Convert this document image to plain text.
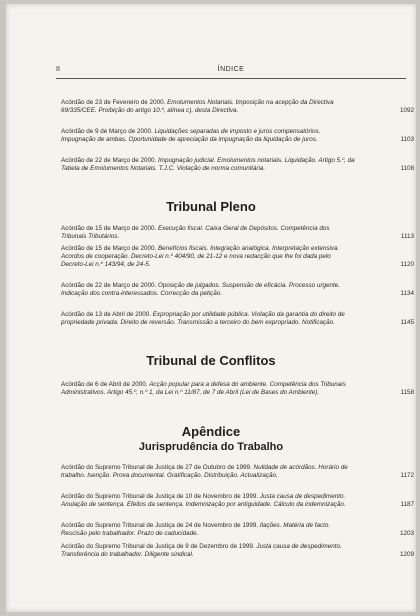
II	ÍNDICE
Acórdão de 23 de Fevereiro de 2000. Emolumentos Notariais. Imposição na acepção da Directiva 69/335/CEE. Proibição do artigo 10.º, alínea c), desta Directiva.	1092
Acórdão de 9 de Março de 2000. Liquidações separadas de imposto e juros compensatórios. Impugnação de ambas. Oportunidade de apreciação da impugnação da liquidação de juros.	1103
Acórdão de 22 de Março de 2000. Impugnação judicial. Emolumentos notariais. Liquidação. Artigo 5.º, da Tabela de Emolumentos Notariais. T.J.C. Violação de norma comunitária.	1108
Tribunal Pleno
Acórdão de 15 de Março de 2000. Execução fiscal. Caixa Geral de Depósitos. Competência dos Tribunais Tributários.	1113
Acórdão de 15 de Março de 2000. Benefícios fiscais. Integração analógica. Interpretação extensiva. Acordos de cooperação. Decreto-Lei n.º 404/90, de 21-12 e nova redacção que lhe foi dada pelo Decreto-Lei n.º 143/94, de 24-5.	1120
Acórdão de 22 de Março de 2000. Oposição de julgados. Suspensão de eficácia. Processo urgente. Indicação dos contra-interessados. Correcção da petição.	1134
Acórdão de 13 de Abril de 2000. Expropriação por utilidade pública. Violação da garantia do direito de propriedade privada. Direito de reversão. Transmissão a terceiro do bem expropriado. Notificação.	1145
Tribunal de Conflitos
Acórdão de 6 de Abril de 2000. Acção popular para a defesa do ambiente. Competência dos Tribunais Administrativos. Artigo 45.º, n.º 1, da Lei n.º 11/87, de 7 de Abril (Lei de Bases do Ambiente).	1158
Apêndice
Jurisprudência do Trabalho
Acórdão do Supremo Tribunal de Justiça de 27 de Outubro de 1999. Nulidade de acórdãos. Horário de trabalho. Isenção. Prova documental. Gratificação. Distribuição. Actualização.	1172
Acórdão do Supremo Tribunal de Justiça de 10 de Novembro de 1999. Justa causa de despedimento. Anulação de sentença. Efeitos da sentença. Indemnização por antiguidade. Cálculo da indemnização.	1187
Acórdão do Supremo Tribunal de Justiça de 24 de Novembro de 1999. Ilações. Matéria de facto. Rescisão pelo trabalhador. Prazo de caducidade.	1203
Acórdão do Supremo Tribunal de Justiça de 9 de Dezembro de 1999. Justa causa de despedimento. Transferência do trabalhador. Diligente sindical.	1209
